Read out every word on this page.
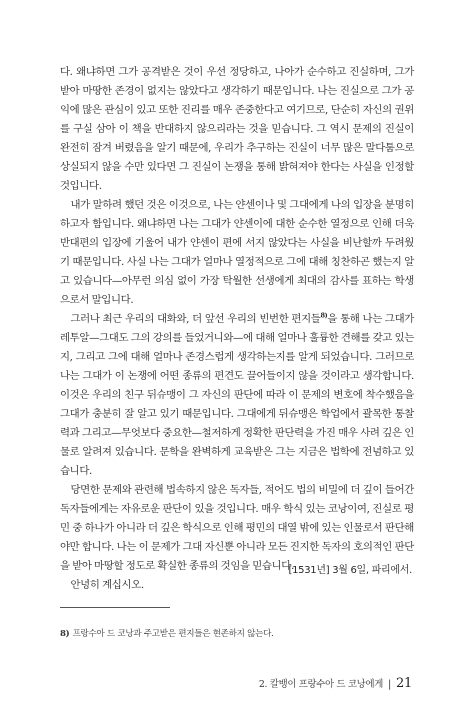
다. 왜냐하면 그가 공격받은 것이 우선 정당하고, 나아가 순수하고 진실하며, 그가 받아 마땅한 존경이 없지는 않았다고 생각하기 때문입니다. 나는 진실으로 그가 공익에 많은 관심이 있고 또한 진리를 매우 존중한다고 여기므로, 단순히 자신의 권위를 구실 삼아 이 책을 반대하지 않으리라는 것을 믿습니다. 그 역시 문제의 진실이 완전히 잠겨 버렸음을 알기 때문에, 우리가 추구하는 진실이 너무 많은 말다툼으로 상실되지 않을 수만 있다면 그 진실이 논쟁을 통해 밝혀져야 한다는 사실을 인정할 것입니다.

내가 말하려 했던 것은 이것으로, 나는 얀센이나 및 그대에게 나의 입장을 분명히 하고자 함입니다. 왜냐하면 나는 그대가 얀센이에 대한 순수한 열정으로 인해 더욱 반대편의 입장에 기울어 내가 얀센이 편에 서지 않았다는 사실을 비난할까 두려웠기 때문입니다. 사실 나는 그대가 얼마나 열정적으로 그에 대해 칭찬하곤 했는지 알고 있습니다—아무런 의심 없이 가장 탁월한 선생에게 최대의 감사를 표하는 학생으로서 말입니다.

그러나 최근 우리의 대화와, 더 앞선 우리의 빈번한 편지들$^{8)}$을 통해 나는 그대가 레투알—그대도 그의 강의를 들었거니와—에 대해 얼마나 훌륭한 견해를 갖고 있는지, 그리고 그에 대해 얼마나 존경스럽게 생각하는지를 알게 되었습니다. 그러므로 나는 그대가 이 논쟁에 어떤 종류의 편견도 끌어들이지 않을 것이라고 생각합니다. 이것은 우리의 친구 뒤슈맹이 그 자신의 판단에 따라 이 문제의 변호에 착수했음을 그대가 충분히 잘 알고 있기 때문입니다. 그대에게 뒤슈맹은 학업에서 괄목한 통찰력과 그리고—무엇보다 중요한—철저하게 정확한 판단력을 가진 매우 사려 깊은 인물로 알려져 있습니다. 문학을 완벽하게 교육받은 그는 지금은 법학에 전념하고 있습니다.

당면한 문제와 관련해 법속하지 않은 독자들, 적어도 법의 비밀에 더 깊이 들어간 독자들에게는 자유로운 판단이 있을 것입니다. 매우 학식 있는 코낭이여, 진실로 평민 중 하나가 아니라 더 깊은 학식으로 인해 평민의 대열 밖에 있는 인물로서 판단해야만 합니다. 나는 이 문제가 그대 자신뿐 아니라 모든 진지한 독자의 호의적인 판단을 받아 마땅할 정도로 확실한 종류의 것임을 믿습니다.

안녕히 계십시오.

[1531년] 3월 6일, 파리에서.
8) 프랑수아 드 코낭과 주고받은 편지들은 현존하지 않는다.
2. 칼뱅이 프랑수아 드 코낭에게 | 21
